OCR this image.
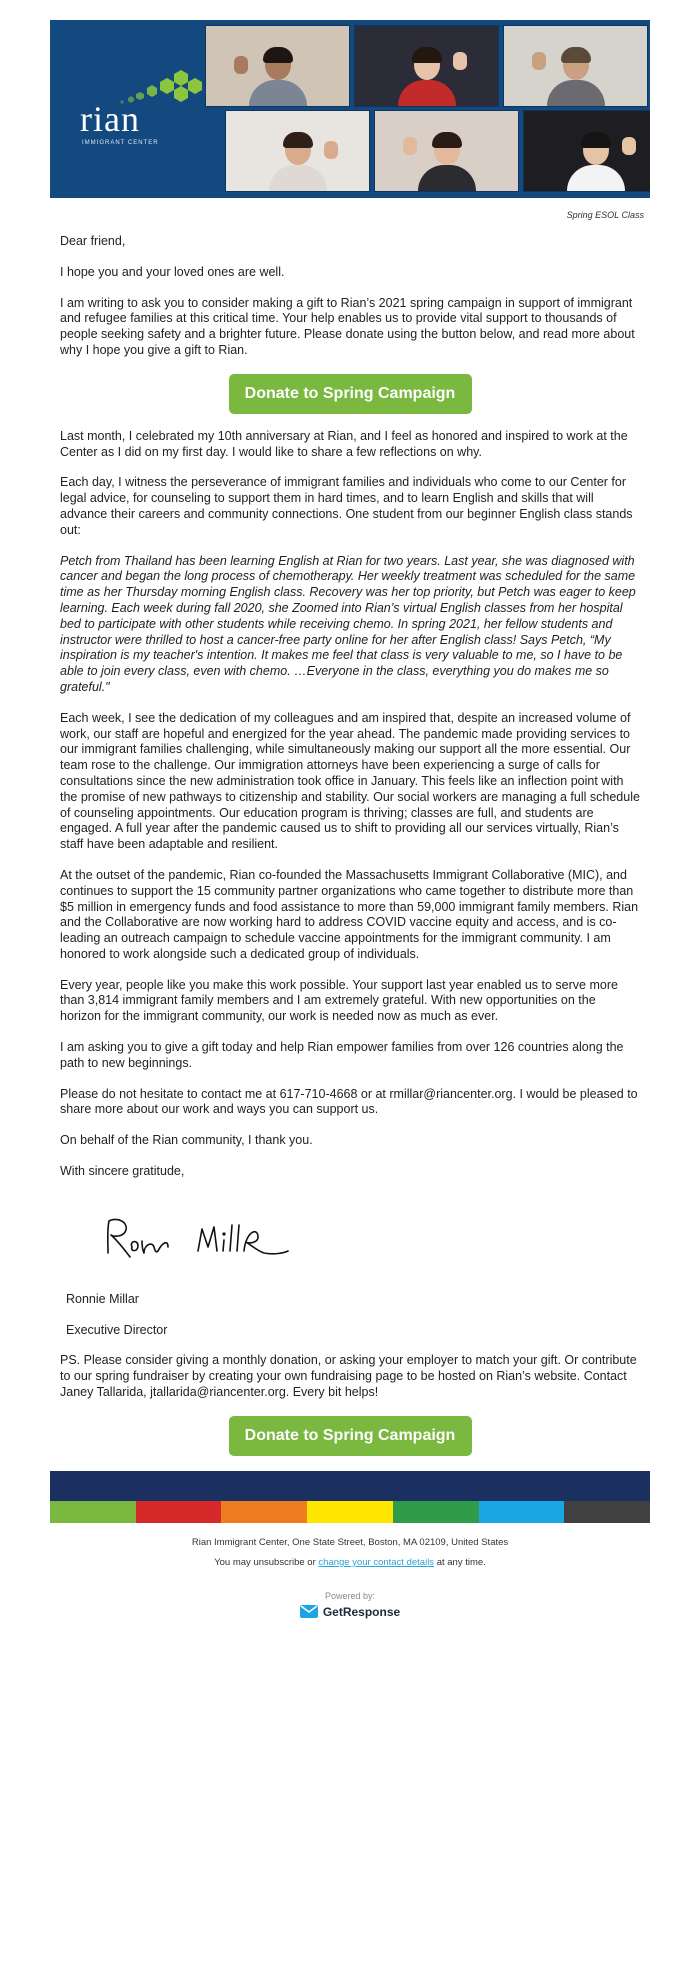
rian
IMMIGRANT CENTER
Spring ESOL Class

Dear friend,

I hope you and your loved ones are well.

I am writing to ask you to consider making a gift to Rian’s 2021 spring campaign in support of immigrant and refugee families at this critical time. Your help enables us to provide vital support to thousands of people seeking safety and a brighter future. Please donate using the button below, and read more about why I hope you give a gift to Rian.

Donate to Spring Campaign

Last month, I celebrated my 10th anniversary at Rian, and I feel as honored and inspired to work at the Center as I did on my first day. I would like to share a few reflections on why.

Each day, I witness the perseverance of immigrant families and individuals who come to our Center for legal advice, for counseling to support them in hard times, and to learn English and skills that will advance their careers and community connections. One student from our beginner English class stands out:

Petch from Thailand has been learning English at Rian for two years. Last year, she was diagnosed with cancer and began the long process of chemotherapy. Her weekly treatment was scheduled for the same time as her Thursday morning English class. Recovery was her top priority, but Petch was eager to keep learning. Each week during fall 2020, she Zoomed into Rian’s virtual English classes from her hospital bed to participate with other students while receiving chemo. In spring 2021, her fellow students and instructor were thrilled to host a cancer-free party online for her after English class! Says Petch, “My inspiration is my teacher's intention. It makes me feel that class is very valuable to me, so I have to be able to join every class, even with chemo. …Everyone in the class, everything you do makes me so grateful."

Each week, I see the dedication of my colleagues and am inspired that, despite an increased volume of work, our staff are hopeful and energized for the year ahead. The pandemic made providing services to our immigrant families challenging, while simultaneously making our support all the more essential. Our team rose to the challenge. Our immigration attorneys have been experiencing a surge of calls for consultations since the new administration took office in January. This feels like an inflection point with the promise of new pathways to citizenship and stability. Our social workers are managing a full schedule of counseling appointments. Our education program is thriving; classes are full, and students are engaged. A full year after the pandemic caused us to shift to providing all our services virtually, Rian’s staff have been adaptable and resilient.

At the outset of the pandemic, Rian co-founded the Massachusetts Immigrant Collaborative (MIC), and continues to support the 15 community partner organizations who came together to distribute more than $5 million in emergency funds and food assistance to more than 59,000 immigrant family members. Rian and the Collaborative are now working hard to address COVID vaccine equity and access, and is co-leading an outreach campaign to schedule vaccine appointments for the immigrant community. I am honored to work alongside such a dedicated group of individuals.

Every year, people like you make this work possible. Your support last year enabled us to serve more than 3,814 immigrant family members and I am extremely grateful. With new opportunities on the horizon for the immigrant community, our work is needed now as much as ever.

I am asking you to give a gift today and help Rian empower families from over 126 countries along the path to new beginnings.

Please do not hesitate to contact me at 617-710-4668 or at rmillar@riancenter.org. I would be pleased to share more about our work and ways you can support us.

On behalf of the Rian community, I thank you.

With sincere gratitude,

Ronnie Millar

Executive Director

PS. Please consider giving a monthly donation, or asking your employer to match your gift. Or contribute to our spring fundraiser by creating your own fundraising page to be hosted on Rian’s website. Contact Janey Tallarida, jtallarida@riancenter.org. Every bit helps!

Donate to Spring Campaign
Rian Immigrant Center, One State Street, Boston, MA 02109, United States
You may unsubscribe or change your contact details at any time.
Powered by:
GetResponse
